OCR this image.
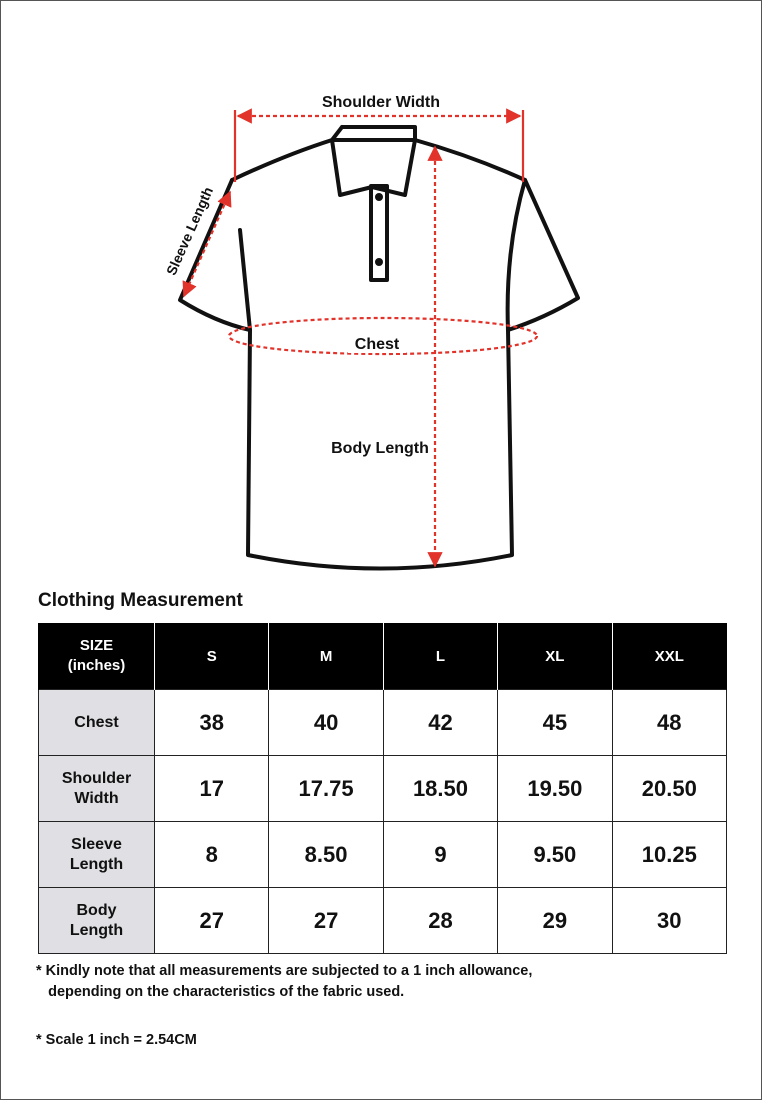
Shoulder Width
Sleeve Length
Chest
Body Length
Clothing Measurement
SIZE
(inches)	S	M	L	XL	XXL
Chest	38	40	42	45	48
Shoulder
Width	17	17.75	18.50	19.50	20.50
Sleeve
Length	8	8.50	9	9.50	10.25
Body
Length	27	27	28	29	30

* Kindly note that all measurements are subjected to a 1 inch allowance,
depending on the characteristics of the fabric used.

* Scale 1 inch = 2.54CM
